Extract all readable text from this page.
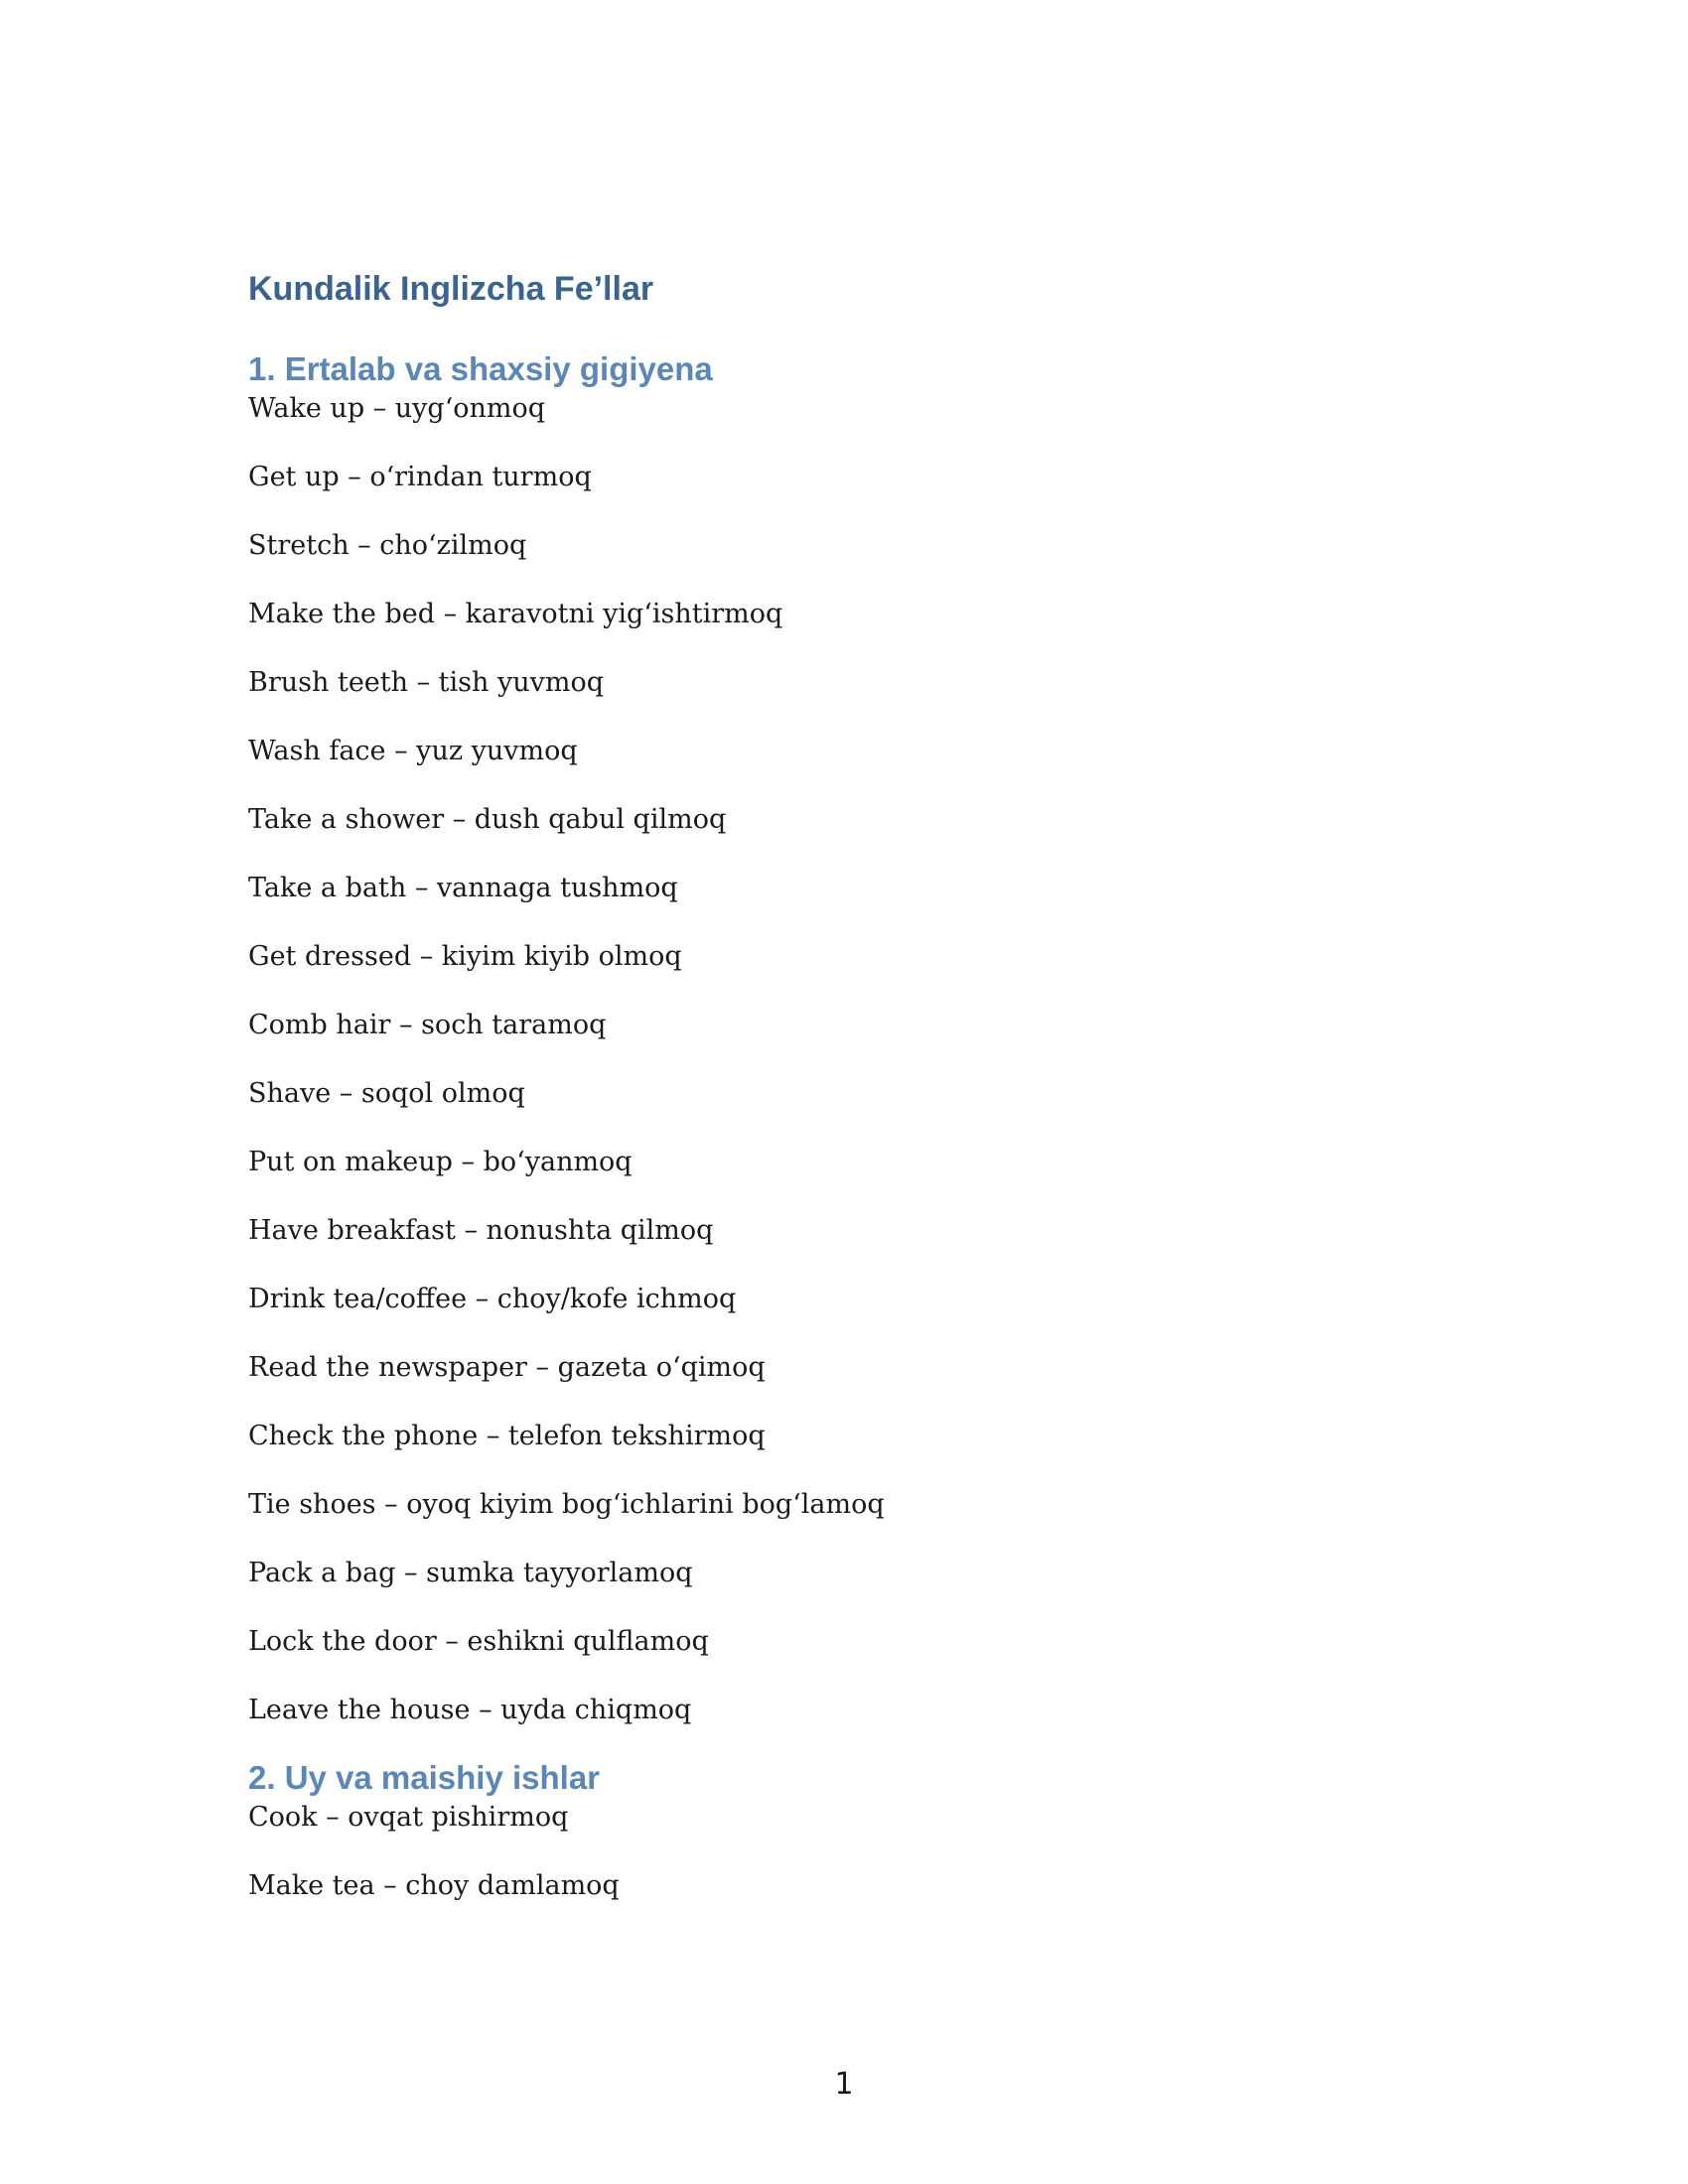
Kundalik Inglizcha Fe’llar
1. Ertalab va shaxsiy gigiyena

Wake up – uyg‘onmoq

Get up – o‘rindan turmoq

Stretch – cho‘zilmoq

Make the bed – karavotni yig‘ishtirmoq

Brush teeth – tish yuvmoq

Wash face – yuz yuvmoq

Take a shower – dush qabul qilmoq

Take a bath – vannaga tushmoq

Get dressed – kiyim kiyib olmoq

Comb hair – soch taramoq

Shave – soqol olmoq

Put on makeup – bo‘yanmoq

Have breakfast – nonushta qilmoq

Drink tea/coffee – choy/kofe ichmoq

Read the newspaper – gazeta o‘qimoq

Check the phone – telefon tekshirmoq

Tie shoes – oyoq kiyim bog‘ichlarini bog‘lamoq

Pack a bag – sumka tayyorlamoq

Lock the door – eshikni qulflamoq

Leave the house – uyda chiqmoq

2. Uy va maishiy ishlar

Cook – ovqat pishirmoq

Make tea – choy damlamoq

1
